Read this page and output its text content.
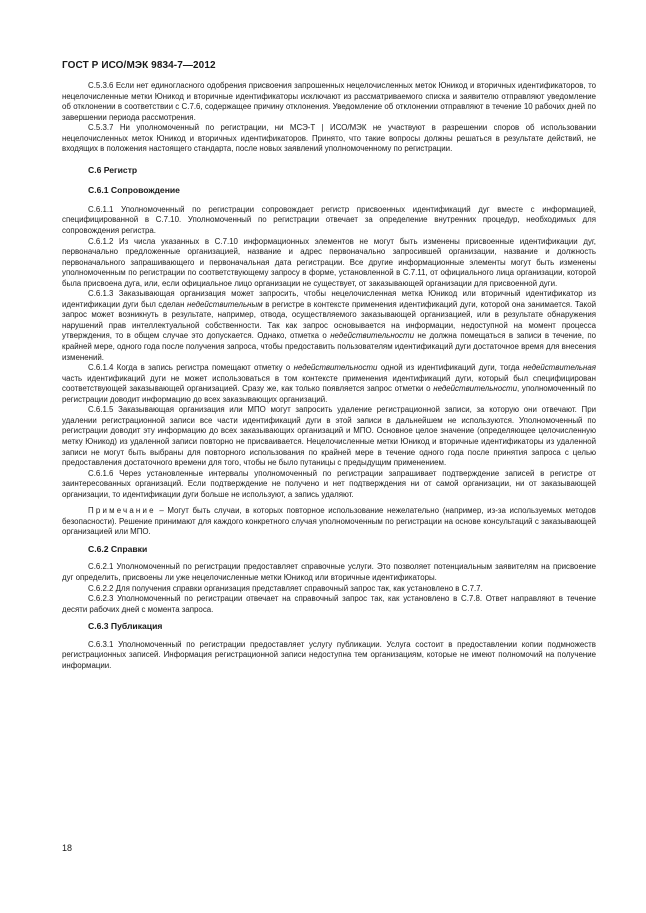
ГОСТ Р ИСО/МЭК 9834-7—2012

С.5.3.6 Если нет единогласного одобрения присвоения запрошенных нецелочисленных меток Юникод и вторичных идентификаторов, то нецелочисленные метки Юникод и вторичные идентификаторы исключают из рассматриваемого списка и заявителю отправляют уведомление об отклонении в соответствии с С.7.6, содержащее причину отклонения. Уведомление об отклонении отправляют в течение 10 рабочих дней по завершении периода рассмотрения.

С.5.3.7 Ни уполномоченный по регистрации, ни МСЭ-Т | ИСО/МЭК не участвуют в разрешении споров об использовании нецелочисленных меток Юникод и вторичных идентификаторов. Принято, что такие вопросы должны решаться в результате действий, не входящих в положения настоящего стандарта, после новых заявлений уполномоченному по регистрации.

С.6 Регистр
С.6.1 Сопровождение

С.6.1.1 Уполномоченный по регистрации сопровождает регистр присвоенных идентификаций дуг вместе с информацией, специфицированной в С.7.10. Уполномоченный по регистрации отвечает за определение внутренних процедур, необходимых для сопровождения регистра.

С.6.1.2 Из числа указанных в С.7.10 информационных элементов не могут быть изменены присвоенные идентификации дуг, первоначально предложенные организацией, название и адрес первоначально запросившей организации, название и должность первоначального запрашивающего и первоначальная дата регистрации. Все другие информационные элементы могут быть изменены уполномоченным по регистрации по соответствующему запросу в форме, установленной в С.7.11, от официального лица организации, которой была присвоена дуга, или, если официальное лицо организации не существует, от заказывающей организации для присвоенной дуги.

С.6.1.3 Заказывающая организация может запросить, чтобы нецелочисленная метка Юникод или вторичный идентификатор из идентификации дуги был сделан недействительным в регистре в контексте применения идентификаций дуги, которой она занимается. Такой запрос может возникнуть в результате, например, отвода, осуществляемого заказывающей организацией, или в результате обнаружения нарушений прав интеллектуальной собственности. Так как запрос основывается на информации, недоступной на момент процесса утверждения, то в общем случае это допускается. Однако, отметка о недействительности не должна помещаться в записи в течение, по крайней мере, одного года после получения запроса, чтобы предоставить пользователям идентификаций дуги достаточное время для внесения изменений.

С.6.1.4 Когда в запись регистра помещают отметку о недействительности одной из идентификаций дуги, тогда недействительная часть идентификаций дуги не может использоваться в том контексте применения идентификаций дуги, который был специфицирован соответствующей заказывающей организацией. Сразу же, как только появляется запрос отметки о недействительности, уполномоченный по регистрации доводит информацию до всех заказывающих организаций.

С.6.1.5 Заказывающая организация или МПО могут запросить удаление регистрационной записи, за которую они отвечают. При удалении регистрационной записи все части идентификаций дуги в этой записи в дальнейшем не используются. Уполномоченный по регистрации доводит эту информацию до всех заказывающих организаций и МПО. Основное целое значение (определяющее целочисленную метку Юникод) из удаленной записи повторно не присваивается. Нецелочисленные метки Юникод и вторичные идентификаторы из удаленной записи не могут быть выбраны для повторного использования по крайней мере в течение одного года после принятия запроса с целью предоставления достаточного времени для того, чтобы не было путаницы с предыдущим применением.

С.6.1.6 Через установленные интервалы уполномоченный по регистрации запрашивает подтверждение записей в регистре от заинтересованных организаций. Если подтверждение не получено и нет подтверждения ни от самой организации, ни от заказывающей организации, то идентификации дуги больше не используют, а запись удаляют.

Примечание – Могут быть случаи, в которых повторное использование нежелательно (например, из-за используемых методов безопасности). Решение принимают для каждого конкретного случая уполномоченным по регистрации на основе консультаций с заказывающей организацией или МПО.

С.6.2 Справки

С.6.2.1 Уполномоченный по регистрации предоставляет справочные услуги. Это позволяет потенциальным заявителям на присвоение дуг определить, присвоены ли уже нецелочисленные метки Юникод или вторичные идентификаторы.

С.6.2.2 Для получения справки организация представляет справочный запрос так, как установлено в С.7.7.

С.6.2.3 Уполномоченный по регистрации отвечает на справочный запрос так, как установлено в С.7.8. Ответ направляют в течение десяти рабочих дней с момента запроса.

С.6.3 Публикация

С.6.3.1 Уполномоченный по регистрации предоставляет услугу публикации. Услуга состоит в предоставлении копии подмножеств регистрационных записей. Информация регистрационной записи недоступна тем организациям, которые не имеют полномочий на получение информации.

18
